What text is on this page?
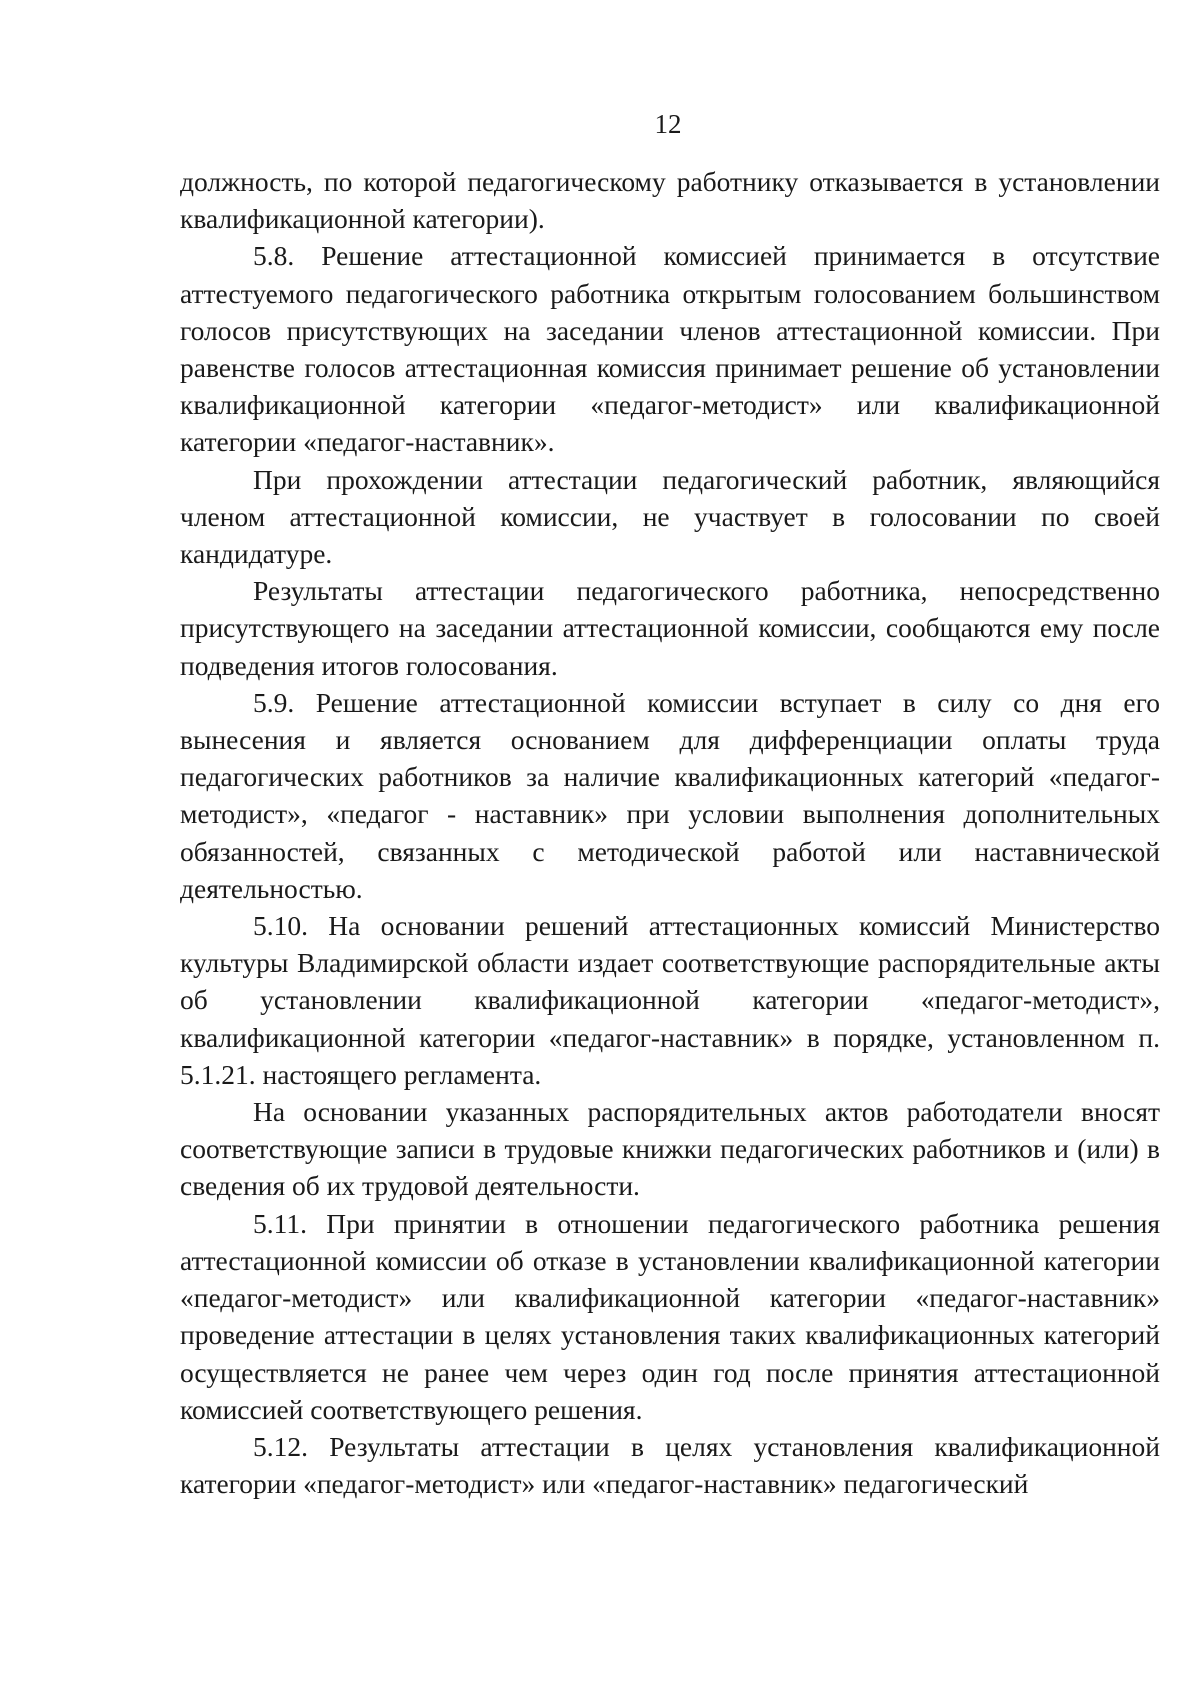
12

должность, по которой педагогическому работнику отказывается в установлении квалификационной категории).

5.8. Решение аттестационной комиссией принимается в отсутствие аттестуемого педагогического работника открытым голосованием большинством голосов присутствующих на заседании членов аттестационной комиссии. При равенстве голосов аттестационная комиссия принимает решение об установлении квалификационной категории «педагог-методист» или квалификационной категории «педагог-наставник».

При прохождении аттестации педагогический работник, являющийся членом аттестационной комиссии, не участвует в голосовании по своей кандидатуре.

Результаты аттестации педагогического работника, непосредственно присутствующего на заседании аттестационной комиссии, сообщаются ему после подведения итогов голосования.

5.9. Решение аттестационной комиссии вступает в силу со дня его вынесения и является основанием для дифференциации оплаты труда педагогических работников за наличие квалификационных категорий «педагог-методист», «педагог - наставник» при условии выполнения дополнительных обязанностей, связанных с методической работой или наставнической деятельностью.

5.10. На основании решений аттестационных комиссий Министерство культуры Владимирской области издает соответствующие распорядительные акты об установлении квалификационной категории «педагог-методист», квалификационной категории «педагог-наставник» в порядке, установленном п. 5.1.21. настоящего регламента.

На основании указанных распорядительных актов работодатели вносят соответствующие записи в трудовые книжки педагогических работников и (или) в сведения об их трудовой деятельности.

5.11. При принятии в отношении педагогического работника решения аттестационной комиссии об отказе в установлении квалификационной категории «педагог-методист» или квалификационной категории «педагог-наставник» проведение аттестации в целях установления таких квалификационных категорий осуществляется не ранее чем через один год после принятия аттестационной комиссией соответствующего решения.

5.12. Результаты аттестации в целях установления квалификационной категории «педагог-методист» или «педагог-наставник» педагогический
